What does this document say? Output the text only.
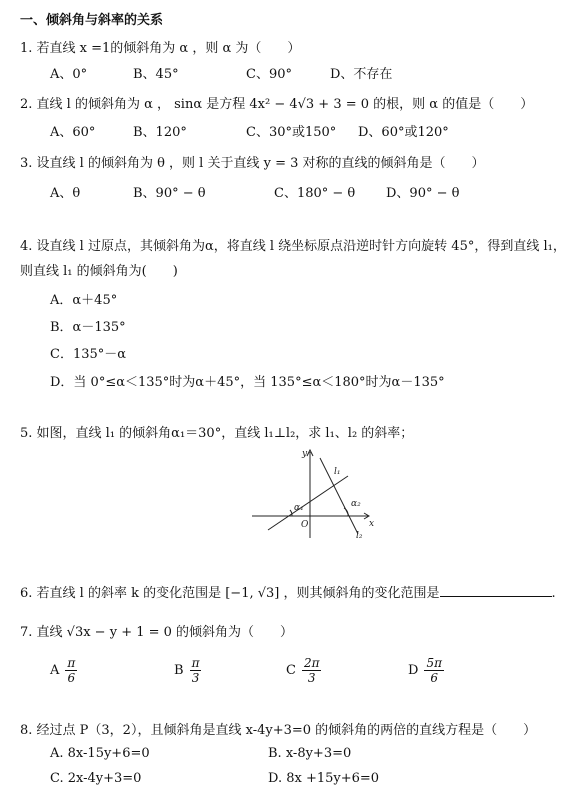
一、倾斜角与斜率的关系
1. 若直线 x =1的倾斜角为 α ，则 α 为（　　）
A、0°	B、45°	C、90°	D、不存在
2. 直线 l 的倾斜角为 α ， sinα 是方程 4x² − 4√3 + 3 = 0 的根，则 α 的值是（　　）
A、60°	B、120°	C、30°或150° D、60°或120°
3. 设直线 l 的倾斜角为 θ ，则 l 关于直线 y = 3 对称的直线的倾斜角是（　　）
A、θ	B、90° − θ	C、180° − θ D、90° − θ
4. 设直线 l 过原点，其倾斜角为α，将直线 l 绕坐标原点沿逆时针方向旋转 45°，得到直线 l₁，
则直线 l₁ 的倾斜角为(　　)
A．α＋45°
B．α－135°
C．135°－α
D．当 0°≤α＜135°时为α＋45°，当 135°≤α＜180°时为α－135°
5. 如图，直线 l₁ 的倾斜角α₁＝30°，直线 l₁⊥l₂，求 l₁、l₂ 的斜率；
y
x
O
l₁
l₂
α₁	α₂
6. 若直线 l 的斜率 k 的变化范围是 [−1, √3] ，则其倾斜角的变化范围是	.
7. 直线 √3x − y + 1 = 0 的倾斜角为（　　）
A $\frac{\pi}{6}$	B $\frac{\pi}{3}$	C $\frac{2\pi}{3}$	D $\frac{5\pi}{6}$
8. 经过点 P（3，2），且倾斜角是直线 x-4y+3=0 的倾斜角的两倍的直线方程是（　　）
A. 8x-15y+6=0	B. x-8y+3=0
C. 2x-4y+3=0	D. 8x +15y+6=0
